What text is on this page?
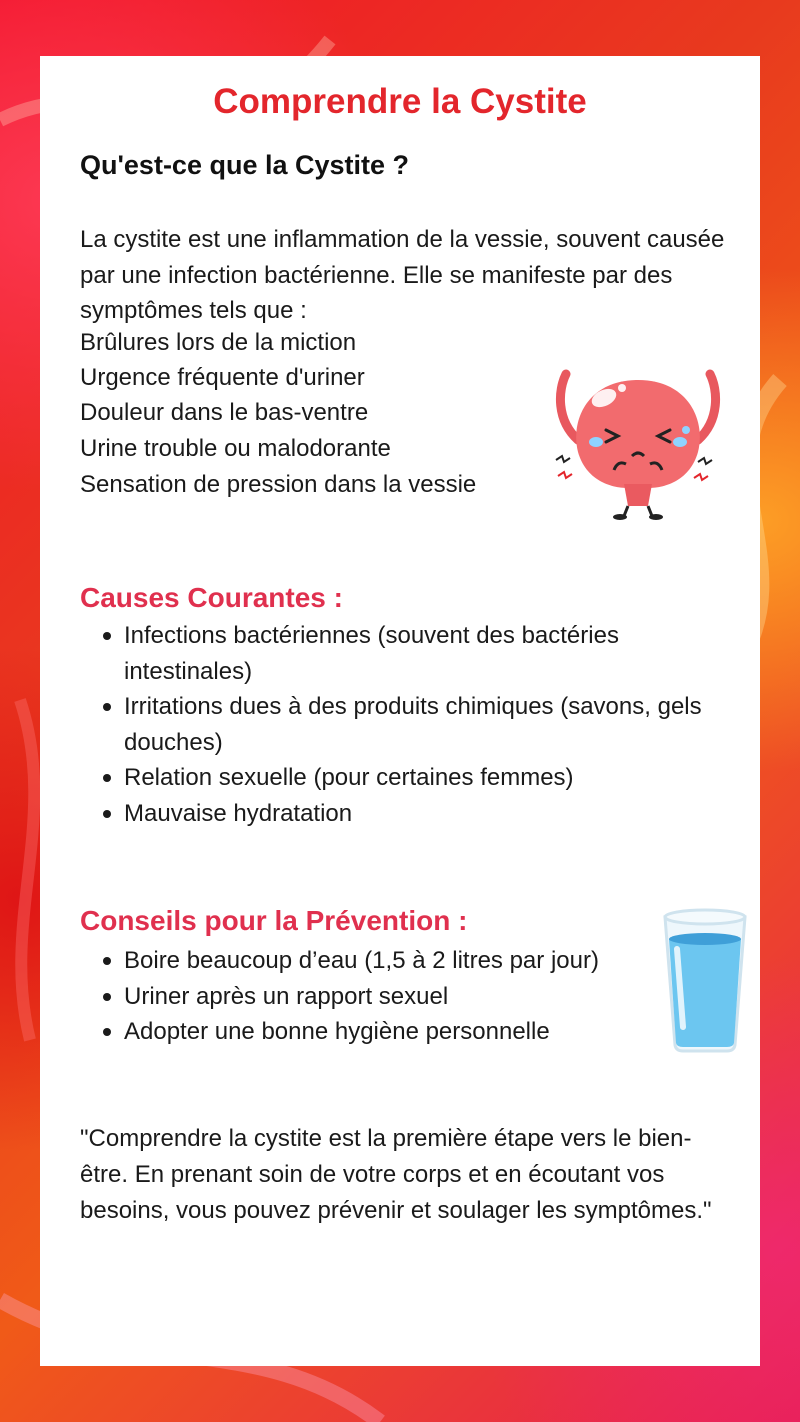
Comprendre la Cystite
Qu'est-ce que la Cystite ?

La cystite est une inflammation de la vessie, souvent causée par une infection bactérienne. Elle se manifeste par des symptômes tels que :

Brûlures lors de la miction
Urgence fréquente d'uriner
Douleur dans le bas-ventre
Urine trouble ou malodorante
Sensation de pression dans la vessie
Causes Courantes :
Infections bactériennes (souvent des bactéries intestinales)
Irritations dues à des produits chimiques (savons, gels douches)
Relation sexuelle (pour certaines femmes)
Mauvaise hydratation
Conseils pour la Prévention :
Boire beaucoup d’eau (1,5 à 2 litres par jour)
Uriner après un rapport sexuel
Adopter une bonne hygiène personnelle

"Comprendre la cystite est la première étape vers le bien-être. En prenant soin de votre corps et en écoutant vos besoins, vous pouvez prévenir et soulager les symptômes."
